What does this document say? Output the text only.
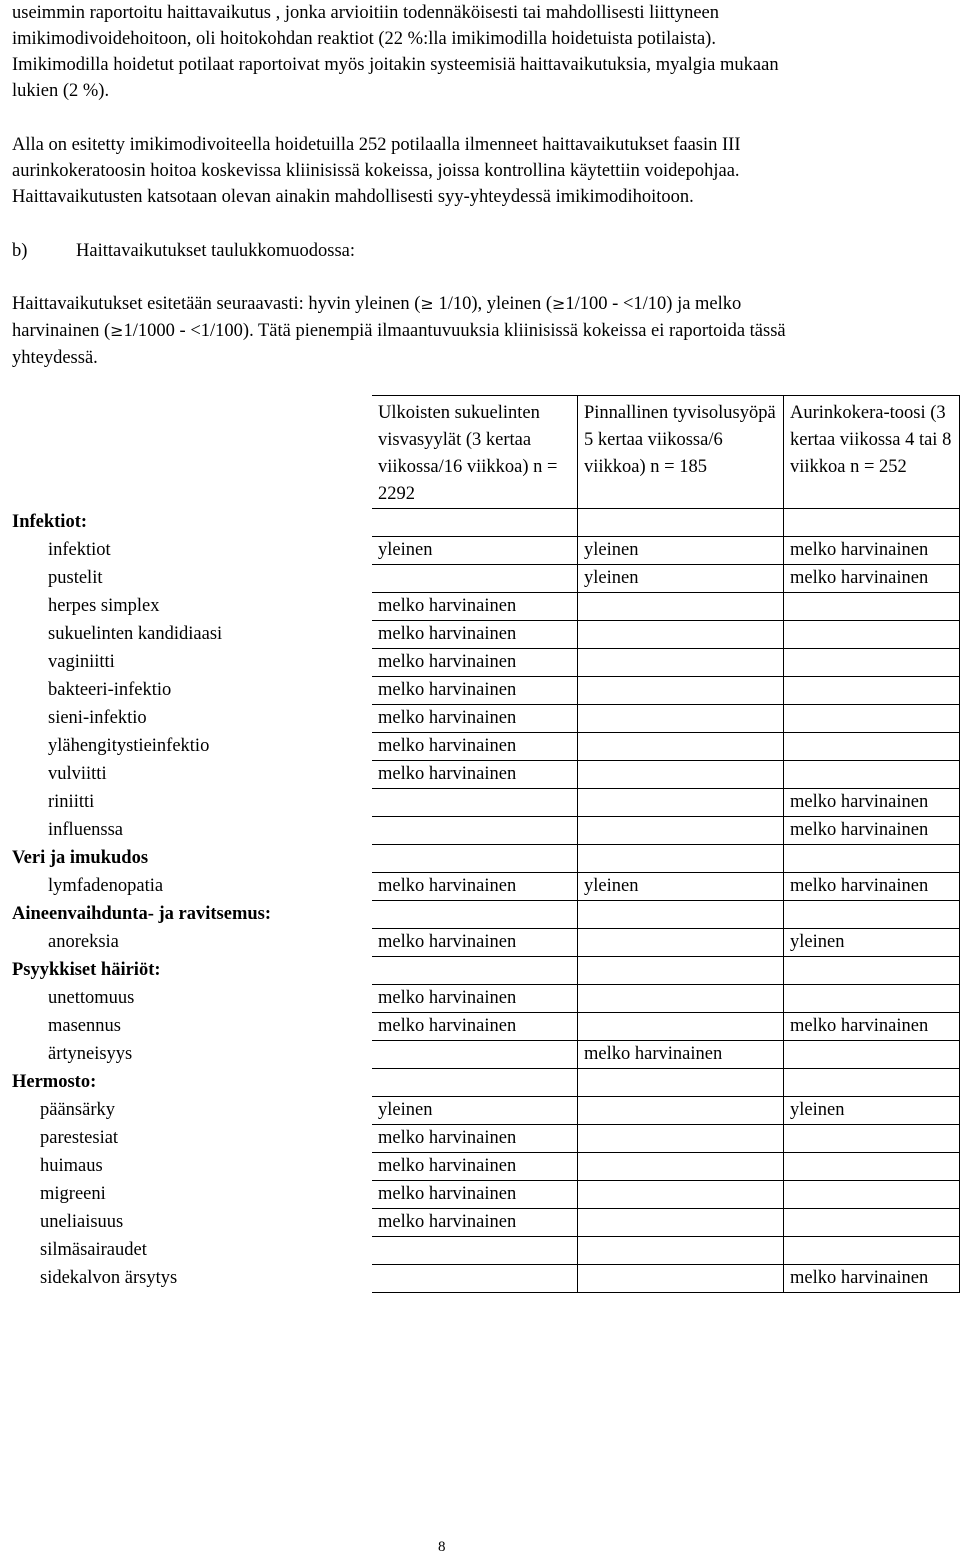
useimmin raportoitu haittavaikutus , jonka arvioitiin todennäköisesti tai mahdollisesti liittyneen
imikimodivoidehoitoon, oli hoitokohdan reaktiot (22 %:lla imikimodilla hoidetuista potilaista).
Imikimodilla hoidetut potilaat raportoivat myös joitakin systeemisiä haittavaikutuksia, myalgia mukaan
lukien (2 %).
Alla on esitetty imikimodivoiteella hoidetuilla 252 potilaalla ilmenneet haittavaikutukset faasin III
aurinkokeratoosin hoitoa koskevissa kliinisissä kokeissa, joissa kontrollina käytettiin voidepohjaa.
Haittavaikutusten katsotaan olevan ainakin mahdollisesti syy-yhteydessä imikimodihoitoon.
b)	Haittavaikutukset taulukkomuodossa:
Haittavaikutukset esitetään seuraavasti: hyvin yleinen (≥ 1/10), yleinen (≥1/100 - <1/10) ja melko
harvinainen (≥1/1000 - <1/100). Tätä pienempiä ilmaantuvuuksia kliinisissä kokeissa ei raportoida tässä
yhteydessä.
	Ulkoisten sukuelinten visvasyylät (3 kertaa viikossa/16 viikkoa) n = 2292	Pinnallinen tyvisolusyöpä 5 kertaa viikossa/6 viikkoa) n = 185	Aurinkokera-toosi (3 kertaa viikossa 4 tai 8 viikkoa n = 252
Infektiot:			
infektiot	yleinen	yleinen	melko harvinainen
pustelit		yleinen	melko harvinainen
herpes simplex	melko harvinainen		
sukuelinten kandidiaasi	melko harvinainen		
vaginiitti	melko harvinainen		
bakteeri-infektio	melko harvinainen		
sieni-infektio	melko harvinainen		
ylähengitystieinfektio	melko harvinainen		
vulviitti	melko harvinainen		
riniitti			melko harvinainen
influenssa			melko harvinainen
Veri ja imukudos			
lymfadenopatia	melko harvinainen	yleinen	melko harvinainen
Aineenvaihdunta- ja ravitsemus:			
anoreksia	melko harvinainen		yleinen
Psyykkiset häiriöt:			
unettomuus	melko harvinainen		
masennus	melko harvinainen		melko harvinainen
ärtyneisyys		melko harvinainen	
Hermosto:			
päänsärky	yleinen		yleinen
parestesiat	melko harvinainen		
huimaus	melko harvinainen		
migreeni	melko harvinainen		
uneliaisuus	melko harvinainen		
silmäsairaudet			
sidekalvon ärsytys			melko harvinainen
8
